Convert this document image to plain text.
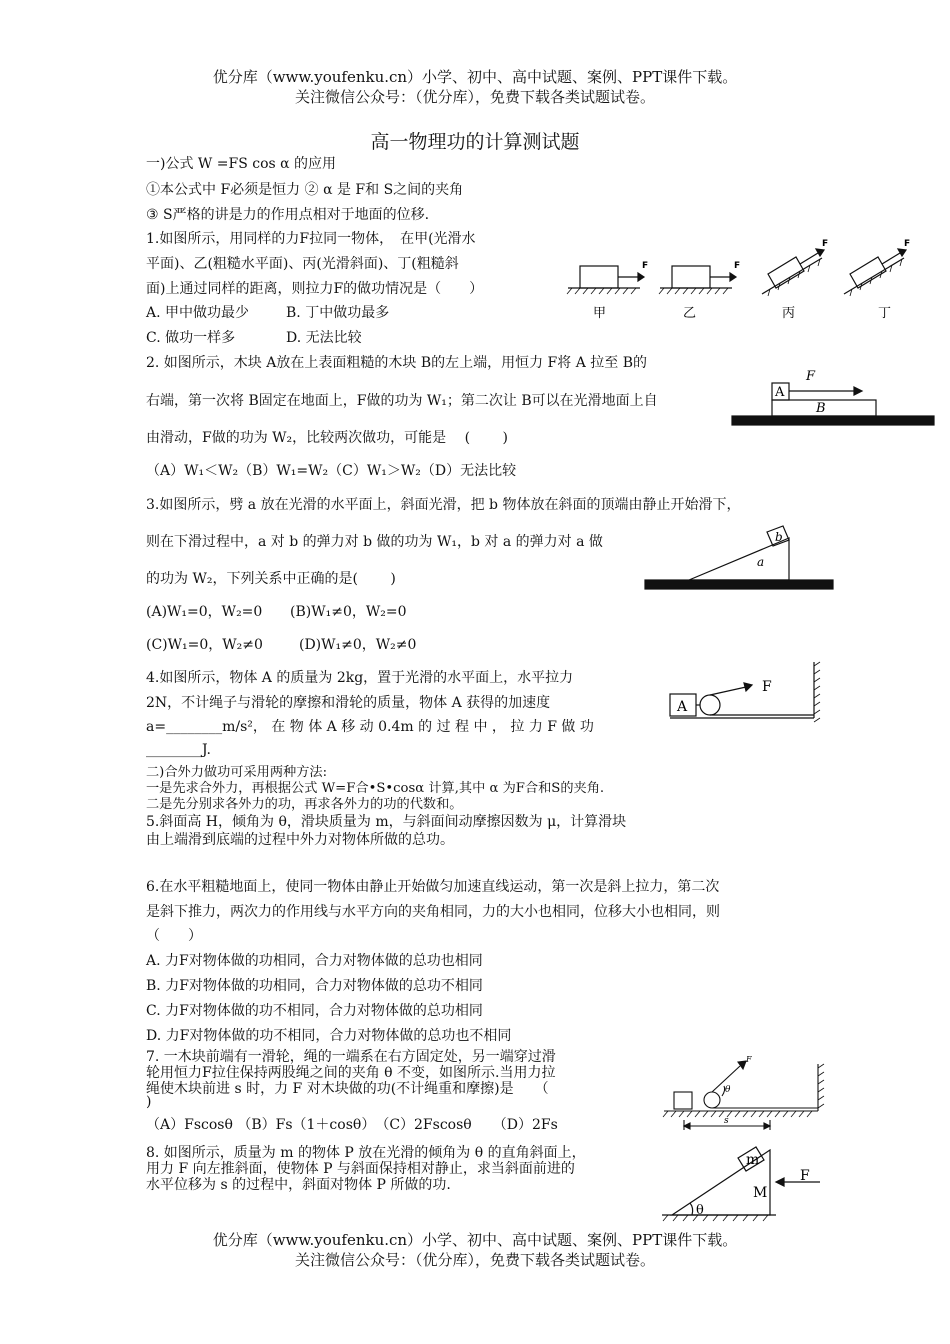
优分库（www.youfenku.cn）小学、初中、高中试题、案例、PPT课件下载。
关注微信公众号：（优分库），免费下载各类试题试卷。
高一物理功的计算测试题
一)公式 W =FS cos α 的应用
①本公式中 F必须是恒力 ② α 是 F和 S之间的夹角
③ S严格的讲是力的作用点相对于地面的位移.
1.如图所示，用同样的力F拉同一物体，　在甲(光滑水
平面)、乙(粗糙水平面)、丙(光滑斜面)、丁(粗糙斜
面)上通过同样的距离，则拉力F的做功情况是（　　）
A. 甲中做功最少	B. 丁中做功最多
C. 做功一样多	D. 无法比较
F	F
F	F
甲	乙	丙	丁
2. 如图所示，木块 A放在上表面粗糙的木块 B的左上端，用恒力 F将 A 拉至 B的
右端，第一次将 B固定在地面上，F做的功为 W₁；第二次让 B可以在光滑地面上自
由滑动，F做的功为 W₂，比较两次做功，可能是　 (　　 )
（A）W₁＜W₂（B）W₁=W₂（C）W₁＞W₂（D）无法比较
A
B
F
3.如图所示，劈 a 放在光滑的水平面上，斜面光滑，把 b 物体放在斜面的顶端由静止开始滑下，
则在下滑过程中，a 对 b 的弹力对 b 做的功为 W₁，b 对 a 的弹力对 a 做
的功为 W₂，下列关系中正确的是(　　 )
(A)W₁=0，W₂=0 (B)W₁≠0，W₂=0
(C)W₁=0，W₂≠0	(D)W₁≠0，W₂≠0
b
a
4.如图所示，物体 A 的质量为 2kg，置于光滑的水平面上，水平拉力
2N，不计绳子与滑轮的摩擦和滑轮的质量，物体 A 获得的加速度
a=________m/s²， 在 物 体 A 移 动 0.4m 的 过 程 中 ， 拉 力 F 做 功
________J.
A
F
二)合外力做功可采用两种方法:
一是先求合外力，再根据公式 W=F合•S•cosα 计算,其中 α 为F合和S的夹角.
二是先分别求各外力的功，再求各外力的功的代数和。
5.斜面高 H，倾角为 θ，滑块质量为 m，与斜面间动摩擦因数为 μ，计算滑块
由上端滑到底端的过程中外力对物体所做的总功。
6.在水平粗糙地面上，使同一物体由静止开始做匀加速直线运动，第一次是斜上拉力，第二次
是斜下推力，两次力的作用线与水平方向的夹角相同，力的大小也相同，位移大小也相同，则
（　　）
A. 力F对物体做的功相同，合力对物体做的总功也相同
B. 力F对物体做的功相同，合力对物体做的总功不相同
C. 力F对物体做的功不相同，合力对物体做的总功相同
D. 力F对物体做的功不相同，合力对物体做的总功也不相同
7. 一木块前端有一滑轮，绳的一端系在右方固定处，另一端穿过滑
轮用恒力F拉住保持两股绳之间的夹角 θ 不变，如图所示.当用力拉
绳使木块前进 s 时，力 F 对木块做的功(不计绳重和摩擦)是　　（
)
（A）Fscosθ （B）Fs（1＋cosθ）　（C）2Fscosθ　　（D）2Fs
F
θ
s
8. 如图所示，质量为 m 的物体 P 放在光滑的倾角为 θ 的直角斜面上，
用力 F 向左推斜面，使物体 P 与斜面保持相对静止，求当斜面前进的
水平位移为 s 的过程中，斜面对物体 P 所做的功.
m
M
F
θ
优分库（www.youfenku.cn）小学、初中、高中试题、案例、PPT课件下载。
关注微信公众号：（优分库），免费下载各类试题试卷。
